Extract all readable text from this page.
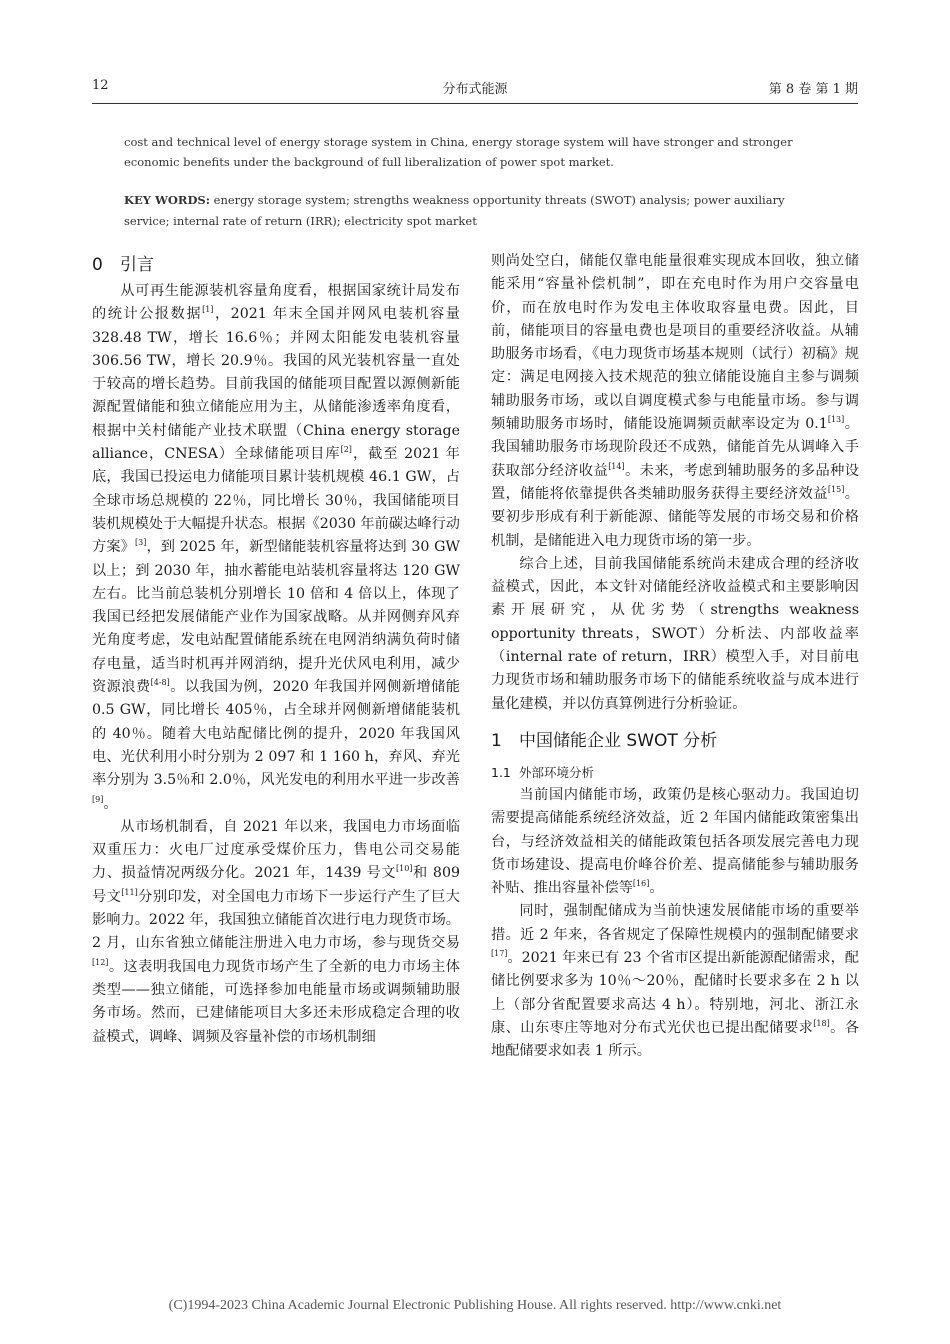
12	分布式能源	第 8 卷 第 1 期

cost and technical level of energy storage system in China, energy storage system will have stronger and stronger economic benefits under the background of full liberalization of power spot market.

KEY WORDS: energy storage system; strengths weakness opportunity threats (SWOT) analysis; power auxiliary service; internal rate of return (IRR); electricity spot market
0 引言

从可再生能源装机容量角度看，根据国家统计局发布的统计公报数据[1]，2021 年末全国并网风电装机容量 328.48 TW，增长 16.6％；并网太阳能发电装机容量 306.56 TW，增长 20.9％。我国的风光装机容量一直处于较高的增长趋势。目前我国的储能项目配置以源侧新能源配置储能和独立储能应用为主，从储能渗透率角度看，根据中关村储能产业技术联盟（China energy storage alliance，CNESA）全球储能项目库[2]，截至 2021 年底，我国已投运电力储能项目累计装机规模 46.1 GW，占全球市场总规模的 22％，同比增长 30％，我国储能项目装机规模处于大幅提升状态。根据《2030 年前碳达峰行动方案》[3]，到 2025 年，新型储能装机容量将达到 30 GW 以上；到 2030 年，抽水蓄能电站装机容量将达 120 GW 左右。比当前总装机分别增长 10 倍和 4 倍以上，体现了我国已经把发展储能产业作为国家战略。从并网侧弃风弃光角度考虑，发电站配置储能系统在电网消纳满负荷时储存电量，适当时机再并网消纳，提升光伏风电利用，减少资源浪费[4-8]。以我国为例，2020 年我国并网侧新增储能 0.5 GW，同比增长 405％，占全球并网侧新增储能装机的 40％。随着大电站配储比例的提升，2020 年我国风电、光伏利用小时分别为 2 097 和 1 160 h，弃风、弃光率分别为 3.5％和 2.0％，风光发电的利用水平进一步改善[9]。

从市场机制看，自 2021 年以来，我国电力市场面临双重压力：火电厂过度承受煤价压力，售电公司交易能力、损益情况两级分化。2021 年，1439 号文[10]和 809 号文[11]分别印发，对全国电力市场下一步运行产生了巨大影响力。2022 年，我国独立储能首次进行电力现货市场。2 月，山东省独立储能注册进入电力市场，参与现货交易[12]。这表明我国电力现货市场产生了全新的电力市场主体类型——独立储能，可选择参加电能量市场或调频辅助服务市场。然而，已建储能项目大多还未形成稳定合理的收益模式，调峰、调频及容量补偿的市场机制细

则尚处空白，储能仅靠电能量很难实现成本回收，独立储能采用“容量补偿机制”，即在充电时作为用户交容量电价，而在放电时作为发电主体收取容量电费。因此，目前，储能项目的容量电费也是项目的重要经济收益。从辅助服务市场看，《电力现货市场基本规则（试行）初稿》规定：满足电网接入技术规范的独立储能设施自主参与调频辅助服务市场，或以自调度模式参与电能量市场。参与调频辅助服务市场时，储能设施调频贡献率设定为 0.1[13]。我国辅助服务市场现阶段还不成熟，储能首先从调峰入手获取部分经济收益[14]。未来，考虑到辅助服务的多品种设置，储能将依靠提供各类辅助服务获得主要经济效益[15]。要初步形成有利于新能源、储能等发展的市场交易和价格机制，是储能进入电力现货市场的第一步。

综合上述，目前我国储能系统尚未建成合理的经济收益模式，因此，本文针对储能经济收益模式和主要影响因素开展研究，从优劣势（strengths weakness opportunity threats，SWOT）分析法、内部收益率（internal rate of return，IRR）模型入手，对目前电力现货市场和辅助服务市场下的储能系统收益与成本进行量化建模，并以仿真算例进行分析验证。

1 中国储能企业 SWOT 分析
1.1 外部环境分析

当前国内储能市场，政策仍是核心驱动力。我国迫切需要提高储能系统经济效益，近 2 年国内储能政策密集出台，与经济效益相关的储能政策包括各项发展完善电力现货市场建设、提高电价峰谷价差、提高储能参与辅助服务补贴、推出容量补偿等[16]。

同时，强制配储成为当前快速发展储能市场的重要举措。近 2 年来，各省规定了保障性规模内的强制配储要求[17]。2021 年来已有 23 个省市区提出新能源配储需求，配储比例要求多为 10％～20％，配储时长要求多在 2 h 以上（部分省配置要求高达 4 h）。特别地，河北、浙江永康、山东枣庄等地对分布式光伏也已提出配储要求[18]。各地配储要求如表 1 所示。

(C)1994-2023 China Academic Journal Electronic Publishing House. All rights reserved. http://www.cnki.net
